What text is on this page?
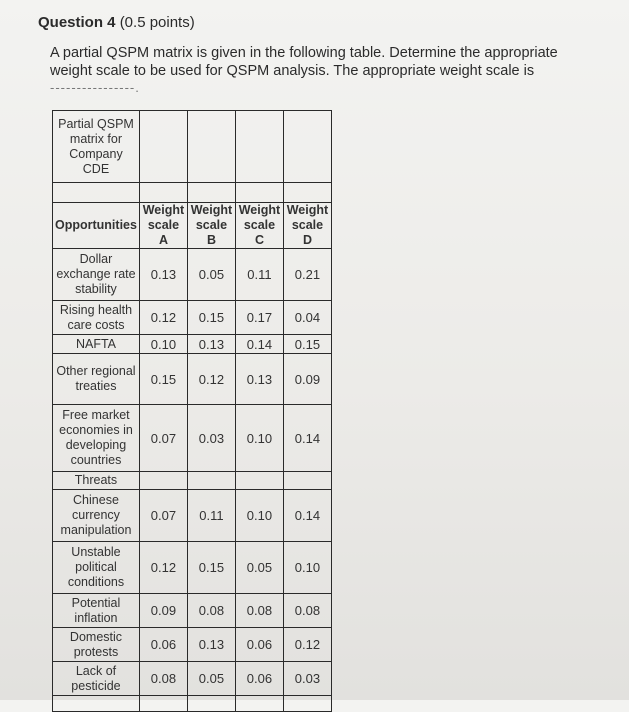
Question 4 (0.5 points)
A partial QSPM matrix is given in the following table. Determine the appropriate weight scale to be used for QSPM analysis. The appropriate weight scale is
----------------.
Partial QSPM matrix for Company CDE				

Opportunities	Weight scale A	Weight scale B	Weight scale C	Weight scale D
Dollar exchange rate stability	0.13	0.05	0.11	0.21
Rising health care costs	0.12	0.15	0.17	0.04
NAFTA	0.10	0.13	0.14	0.15
Other regional treaties	0.15	0.12	0.13	0.09
Free market economies in developing countries	0.07	0.03	0.10	0.14
Threats				
Chinese currency manipulation	0.07	0.11	0.10	0.14
Unstable political conditions	0.12	0.15	0.05	0.10
Potential inflation	0.09	0.08	0.08	0.08
Domestic protests	0.06	0.13	0.06	0.12
Lack of pesticide	0.08	0.05	0.06	0.03
